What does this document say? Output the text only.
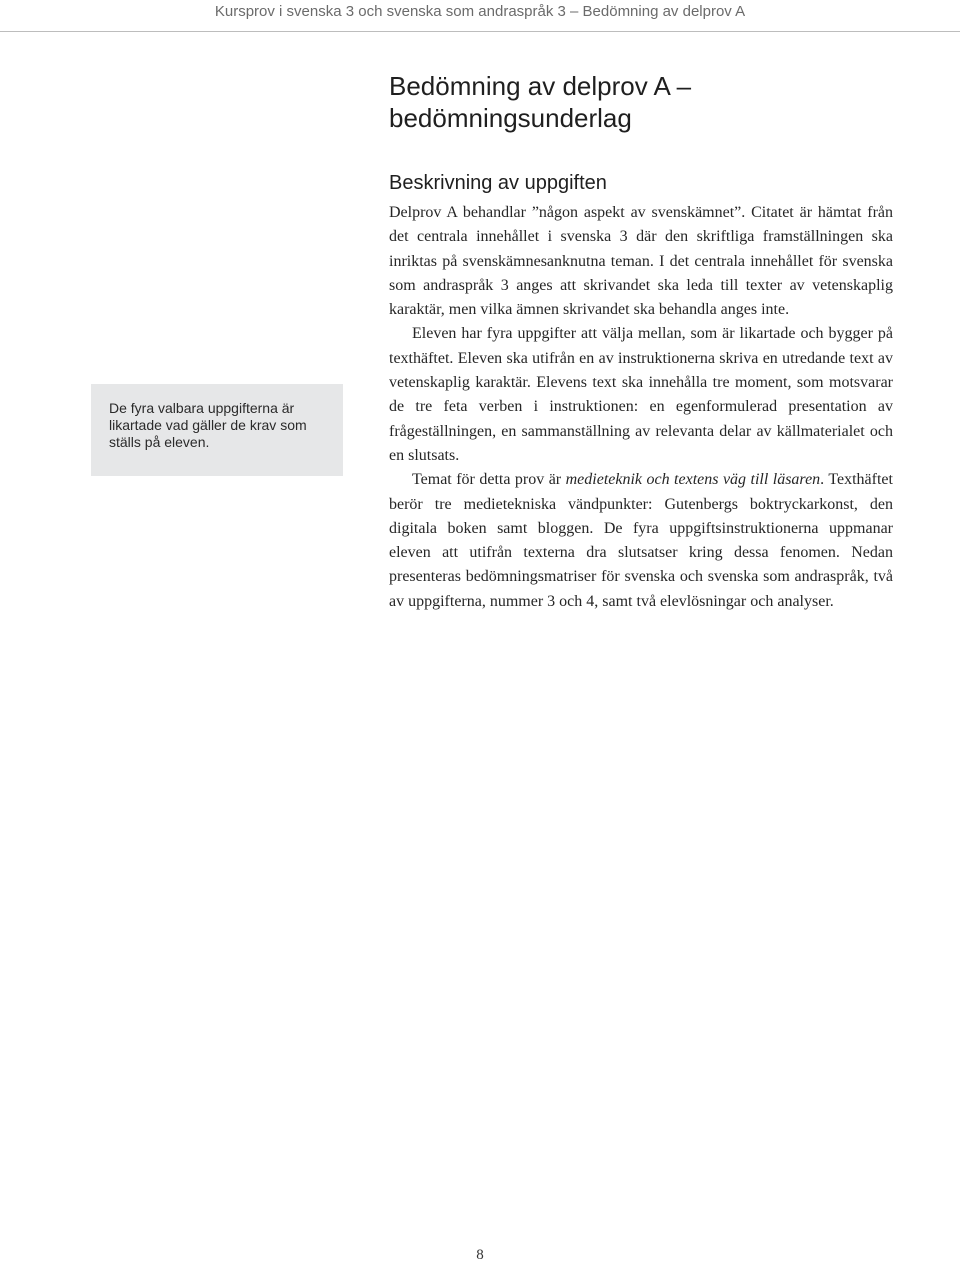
Kursprov i svenska 3 och svenska som andraspråk 3 – Bedömning av delprov A
Bedömning av delprov A –
bedömningsunderlag
Beskrivning av uppgiften

Delprov A behandlar ”någon aspekt av svenskämnet”. Citatet är hämtat från det centrala innehållet i svenska 3 där den skriftliga framställningen ska inriktas på svenskämnesanknutna teman. I det centrala innehållet för svenska som andraspråk 3 anges att skrivandet ska leda till texter av vetenskaplig karaktär, men vilka ämnen skrivandet ska behandla anges inte.

Eleven har fyra uppgifter att välja mellan, som är likartade och bygger på texthäftet. Eleven ska utifrån en av instruktionerna skriva en utredande text av vetenskaplig karaktär. Elevens text ska innehålla tre moment, som motsvarar de tre feta verben i instruktionen: en egenformulerad presentation av frågeställningen, en sammanställning av relevanta delar av källmaterialet och en slutsats.

Temat för detta prov är medieteknik och textens väg till läsaren. Texthäftet berör tre medietekniska vändpunkter: Gutenbergs boktryckarkonst, den digitala boken samt bloggen. De fyra uppgiftsinstruktionerna uppmanar eleven att utifrån texterna dra slutsatser kring dessa fenomen. Nedan presenteras bedömningsmatriser för svenska och svenska som andraspråk, två av uppgifterna, nummer 3 och 4, samt två elevlösningar och analyser.

De fyra valbara uppgifterna är likartade vad gäller de krav som ställs på eleven.
8
